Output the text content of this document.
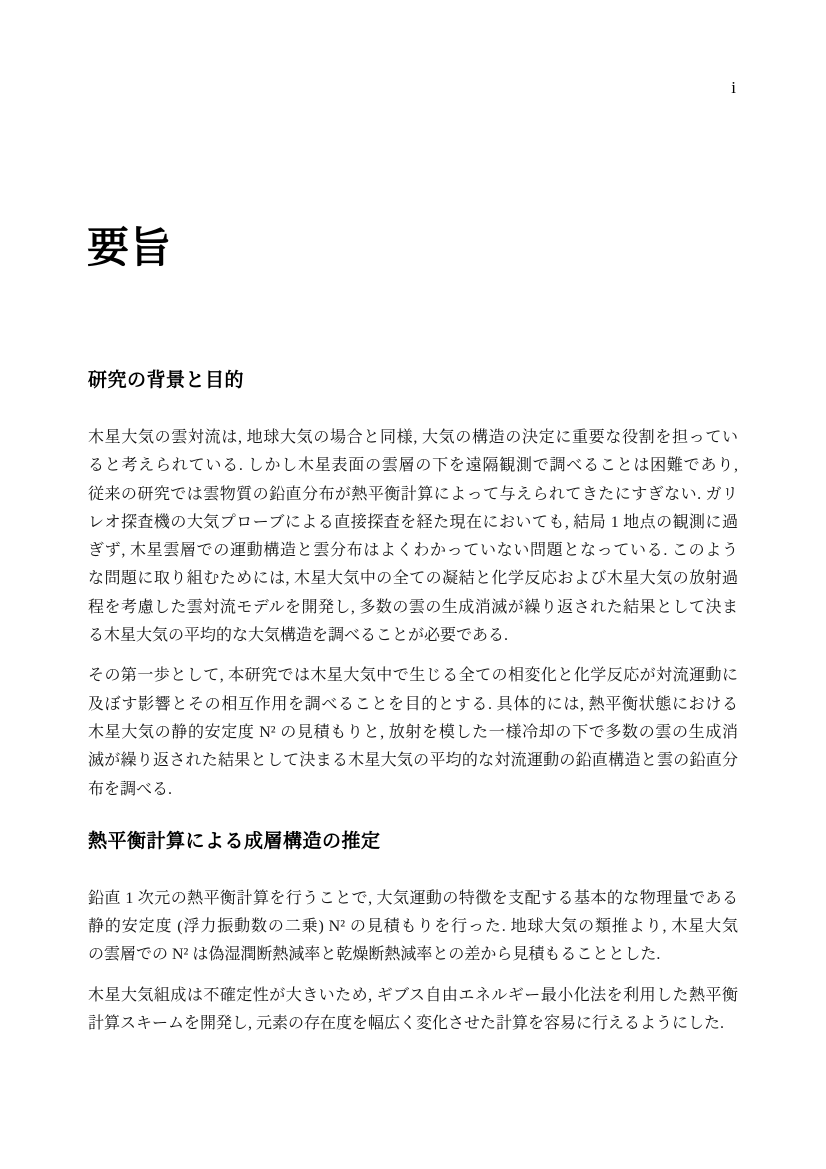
i
要旨
研究の背景と目的
木星大気の雲対流は, 地球大気の場合と同様, 大気の構造の決定に重要な役割を担ってい
ると考えられている. しかし木星表面の雲層の下を遠隔観測で調べることは困難であり,
従来の研究では雲物質の鉛直分布が熱平衡計算によって与えられてきたにすぎない. ガリ
レオ探査機の大気プローブによる直接探査を経た現在においても, 結局 1 地点の観測に過
ぎず, 木星雲層での運動構造と雲分布はよくわかっていない問題となっている. このよう
な問題に取り組むためには, 木星大気中の全ての凝結と化学反応および木星大気の放射過
程を考慮した雲対流モデルを開発し, 多数の雲の生成消滅が繰り返された結果として決ま
る木星大気の平均的な大気構造を調べることが必要である.
その第一歩として, 本研究では木星大気中で生じる全ての相変化と化学反応が対流運動に
及ぼす影響とその相互作用を調べることを目的とする. 具体的には, 熱平衡状態における
木星大気の静的安定度 N² の見積もりと, 放射を模した一様冷却の下で多数の雲の生成消
滅が繰り返された結果として決まる木星大気の平均的な対流運動の鉛直構造と雲の鉛直分
布を調べる.
熱平衡計算による成層構造の推定
鉛直 1 次元の熱平衡計算を行うことで, 大気運動の特徴を支配する基本的な物理量である
静的安定度 (浮力振動数の二乗) N² の見積もりを行った. 地球大気の類推より, 木星大気
の雲層での N² は偽湿潤断熱減率と乾燥断熱減率との差から見積もることとした.
木星大気組成は不確定性が大きいため, ギブス自由エネルギー最小化法を利用した熱平衡
計算スキームを開発し, 元素の存在度を幅広く変化させた計算を容易に行えるようにした.
